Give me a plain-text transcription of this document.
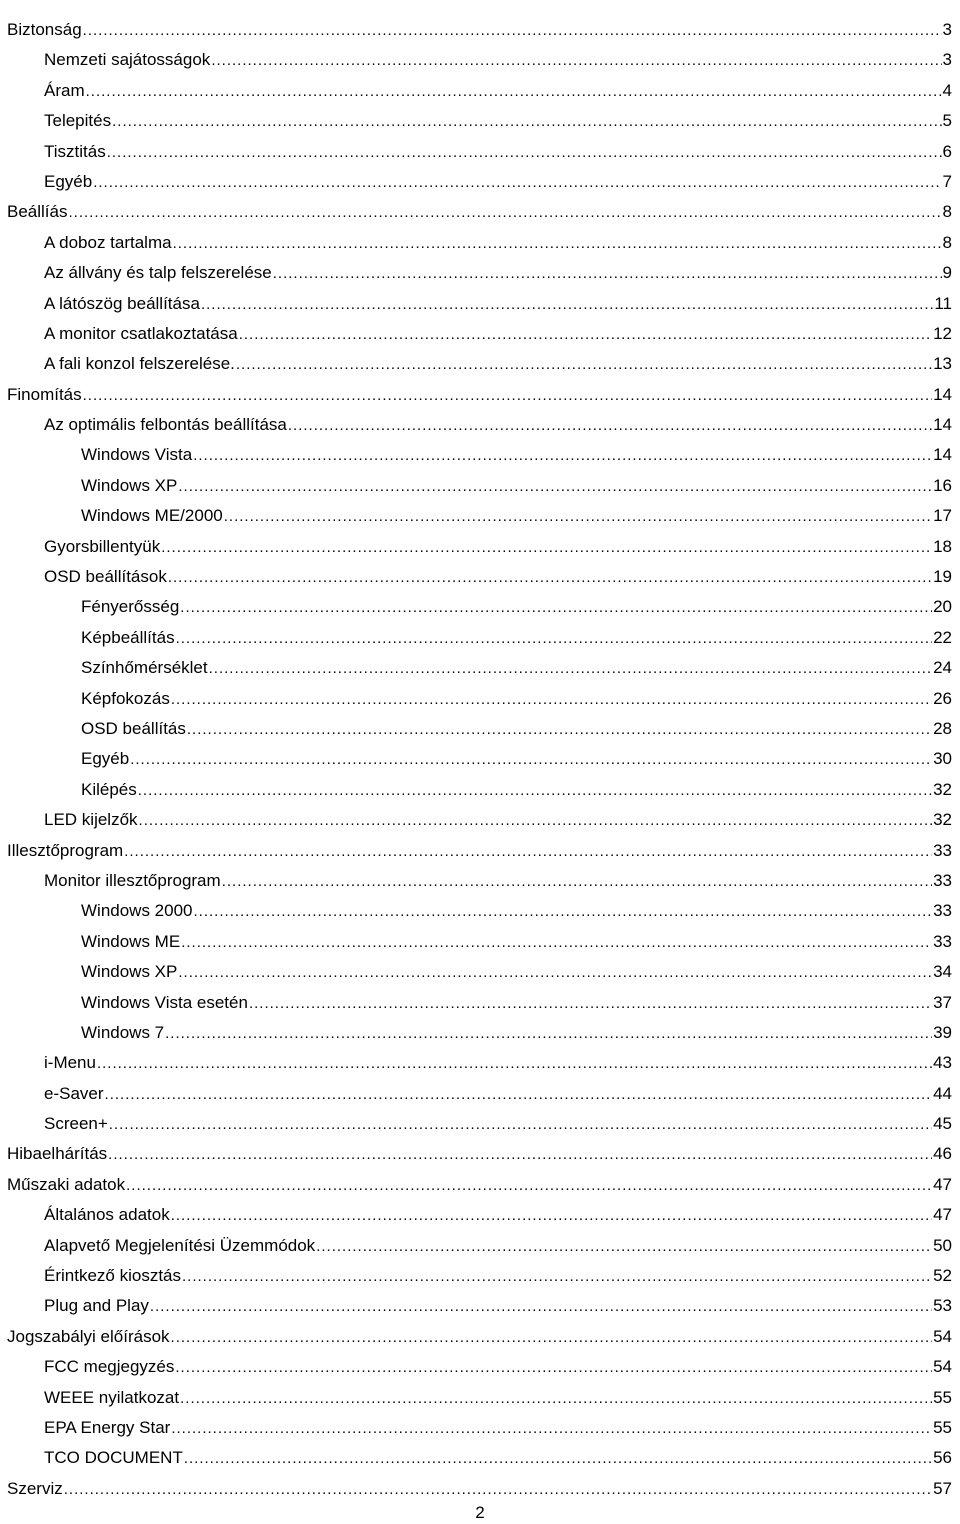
Biztonság .....	3
Nemzeti sajátosságok .....	3
Áram .....	4
Telepités .....	5
Tisztitás .....	6
Egyéb .....	7
Beállíás .....	8
A doboz tartalma .....	8
Az állvány és talp felszerelése .....	9
A látószög beállítása .....	11
A monitor csatlakoztatása .....	12
A fali konzol felszerelése. .....	13
Finomítás .....	14
Az optimális felbontás beállítása .....	14
Windows Vista .....	14
Windows XP .....	16
Windows ME/2000 .....	17
Gyorsbillentyük .....	18
OSD beállítások .....	19
Fényerősség .....	20
Képbeállítás .....	22
Színhőmérséklet .....	24
Képfokozás .....	26
OSD beállítás .....	28
Egyéb .....	30
Kilépés .....	32
LED kijelzők .....	32
Illesztőprogram .....	33
Monitor illesztőprogram .....	33
Windows 2000 .....	33
Windows ME .....	33
Windows XP .....	34
Windows Vista esetén .....	37
Windows 7 .....	39
i-Menu .....	43
e-Saver .....	44
Screen+ .....	45
Hibaelhárítás .....	46
Műszaki adatok .....	47
Általános adatok .....	47
Alapvető Megjelenítési Üzemmódok .....	50
Érintkező kiosztás .....	52
Plug and Play .....	53
Jogszabályi előírások .....	54
FCC megjegyzés .....	54
WEEE nyilatkozat .....	55
EPA Energy Star .....	55
TCO DOCUMENT .....	56
Szerviz .....	57
2
